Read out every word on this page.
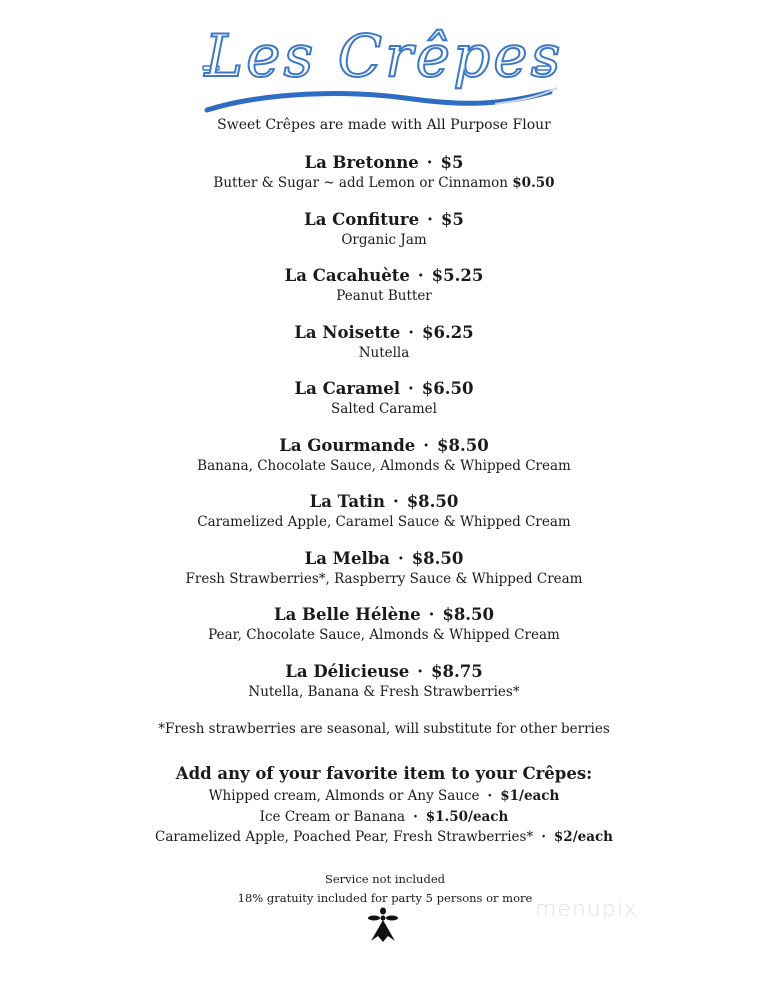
Les Crêpes
Sweet Crêpes are made with All Purpose Flour
La Bretonne · $5
Butter & Sugar ~ add Lemon or Cinnamon $0.50
La Confiture · $5
Organic Jam
La Cacahuète · $5.25
Peanut Butter
La Noisette · $6.25
Nutella
La Caramel · $6.50
Salted Caramel
La Gourmande · $8.50
Banana, Chocolate Sauce, Almonds & Whipped Cream
La Tatin · $8.50
Caramelized Apple, Caramel Sauce & Whipped Cream
La Melba · $8.50
Fresh Strawberries*, Raspberry Sauce & Whipped Cream
La Belle Hélène · $8.50
Pear, Chocolate Sauce, Almonds & Whipped Cream
La Délicieuse · $8.75
Nutella, Banana & Fresh Strawberries*
*Fresh strawberries are seasonal, will substitute for other berries
Add any of your favorite item to your Crêpes:
Whipped cream, Almonds or Any Sauce · $1/each
Ice Cream or Banana · $1.50/each
Caramelized Apple, Poached Pear, Fresh Strawberries* · $2/each
Service not included
18% gratuity included for party 5 persons or more menupix
